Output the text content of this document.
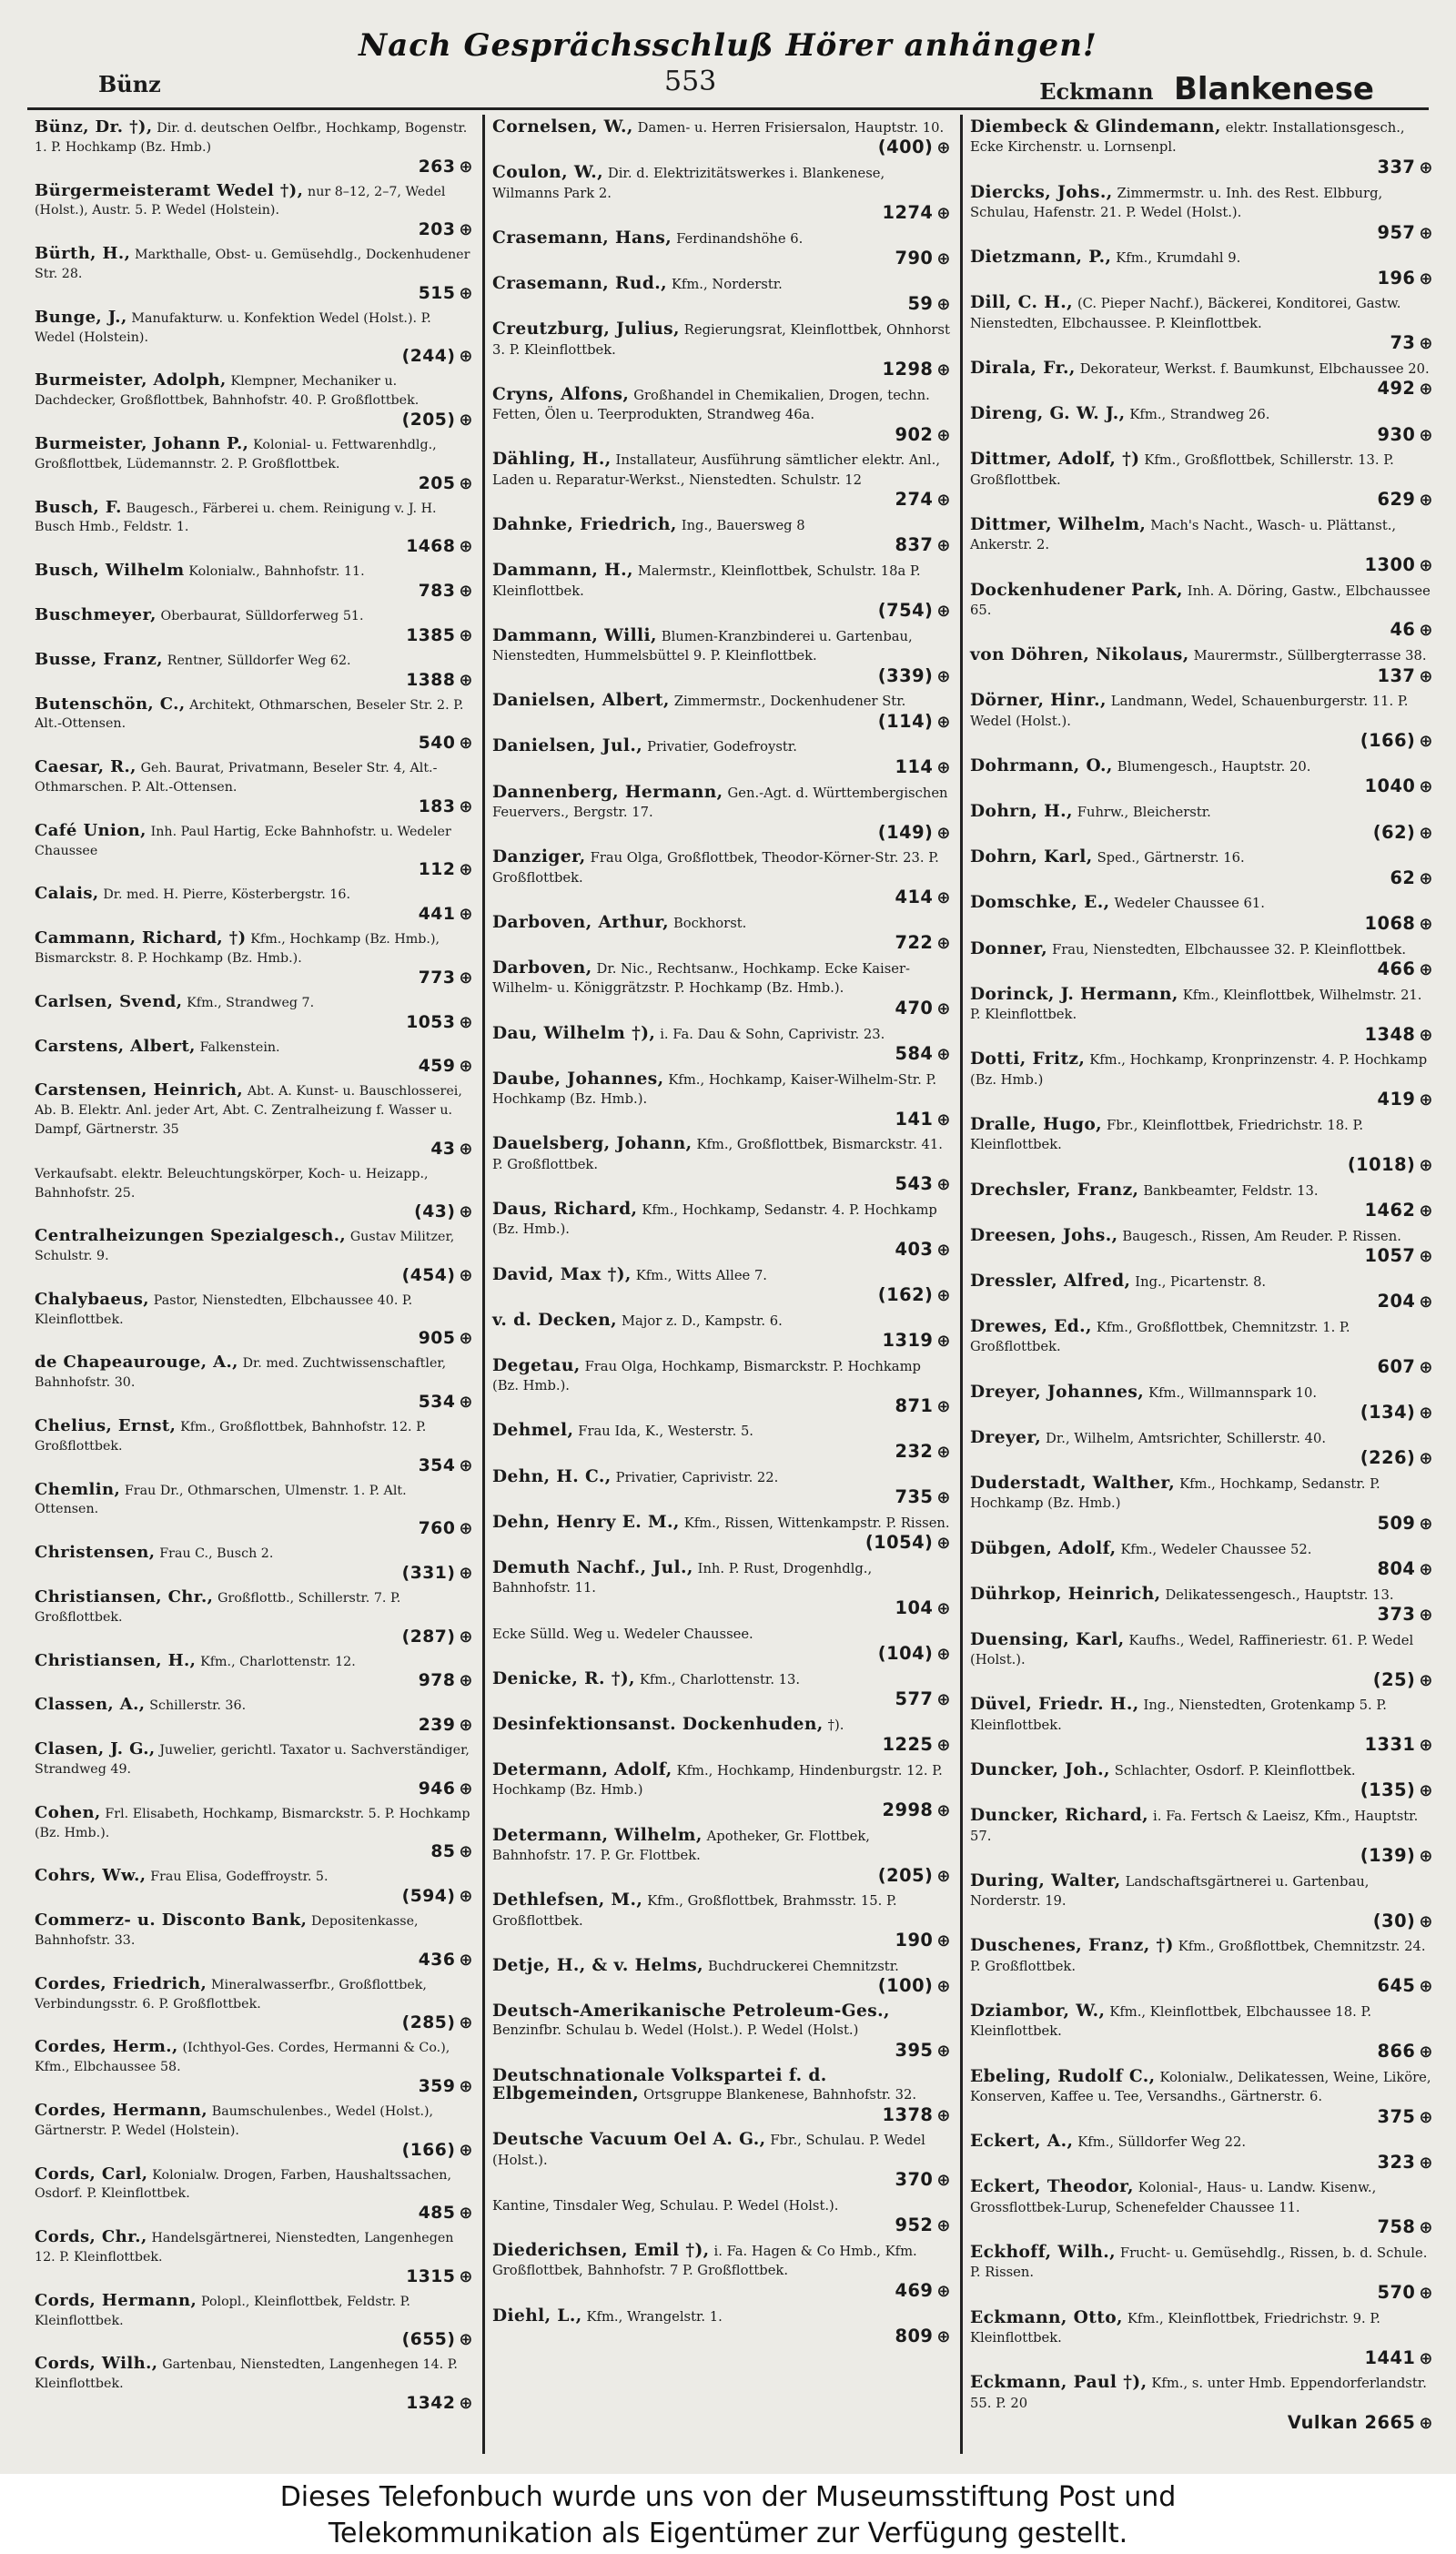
Nach Gesprächsschluß Hörer anhängen!
Bünz	553	Eckmann Blankenese
Bünz, Dr. †), Dir. d. deutschen Oelfbr., Hochkamp, Bogenstr. 1. P. Hochkamp (Bz. Hmb.)
263 ⊕
Bürgermeisteramt Wedel †), nur 8–12, 2–7, Wedel (Holst.), Austr. 5. P. Wedel (Holstein).
203 ⊕
Bürth, H., Markthalle, Obst- u. Gemüsehdlg., Dockenhudener Str. 28.
515 ⊕
Bunge, J., Manufakturw. u. Konfektion Wedel (Holst.). P. Wedel (Holstein).
(244) ⊕
Burmeister, Adolph, Klempner, Mechaniker u. Dachdecker, Großflottbek, Bahnhofstr. 40. P. Großflottbek.
(205) ⊕
Burmeister, Johann P., Kolonial- u. Fettwarenhdlg., Großflottbek, Lüdemannstr. 2. P. Großflottbek.
205 ⊕
Busch, F. Baugesch., Färberei u. chem. Reinigung v. J. H. Busch Hmb., Feldstr. 1.
1468 ⊕
Busch, Wilhelm Kolonialw., Bahnhofstr. 11.
783 ⊕
Buschmeyer, Oberbaurat, Sülldorferweg 51.
1385 ⊕
Busse, Franz, Rentner, Sülldorfer Weg 62.
1388 ⊕
Butenschön, C., Architekt, Othmarschen, Beseler Str. 2. P. Alt.-Ottensen.
540 ⊕
Caesar, R., Geh. Baurat, Privatmann, Beseler Str. 4, Alt.-Othmarschen. P. Alt.-Ottensen.
183 ⊕
Café Union, Inh. Paul Hartig, Ecke Bahnhofstr. u. Wedeler Chaussee
112 ⊕
Calais, Dr. med. H. Pierre, Kösterbergstr. 16.
441 ⊕
Cammann, Richard, †) Kfm., Hochkamp (Bz. Hmb.), Bismarckstr. 8. P. Hochkamp (Bz. Hmb.).
773 ⊕
Carlsen, Svend, Kfm., Strandweg 7.
1053 ⊕
Carstens, Albert, Falkenstein.
459 ⊕
Carstensen, Heinrich, Abt. A. Kunst- u. Bauschlosserei, Ab. B. Elektr. Anl. jeder Art, Abt. C. Zentralheizung f. Wasser u. Dampf, Gärtnerstr. 35
43 ⊕
Verkaufsabt. elektr. Beleuchtungskörper, Koch- u. Heizapp., Bahnhofstr. 25.
(43) ⊕
Centralheizungen Spezialgesch., Gustav Militzer, Schulstr. 9.
(454) ⊕
Chalybaeus, Pastor, Nienstedten, Elbchaussee 40. P. Kleinflottbek.
905 ⊕
de Chapeaurouge, A., Dr. med. Zuchtwissenschaftler, Bahnhofstr. 30.
534 ⊕
Chelius, Ernst, Kfm., Großflottbek, Bahnhofstr. 12. P. Großflottbek.
354 ⊕
Chemlin, Frau Dr., Othmarschen, Ulmenstr. 1. P. Alt. Ottensen.
760 ⊕
Christensen, Frau C., Busch 2.
(331) ⊕
Christiansen, Chr., Großflottb., Schillerstr. 7. P. Großflottbek.
(287) ⊕
Christiansen, H., Kfm., Charlottenstr. 12.
978 ⊕
Classen, A., Schillerstr. 36.
239 ⊕
Clasen, J. G., Juwelier, gerichtl. Taxator u. Sachverständiger, Strandweg 49.
946 ⊕
Cohen, Frl. Elisabeth, Hochkamp, Bismarckstr. 5. P. Hochkamp (Bz. Hmb.).
85 ⊕
Cohrs, Ww., Frau Elisa, Godeffroystr. 5.
(594) ⊕
Commerz- u. Disconto Bank, Depositenkasse, Bahnhofstr. 33.
436 ⊕
Cordes, Friedrich, Mineralwasserfbr., Großflottbek, Verbindungsstr. 6. P. Großflottbek.
(285) ⊕
Cordes, Herm., (Ichthyol-Ges. Cordes, Hermanni & Co.), Kfm., Elbchaussee 58.
359 ⊕
Cordes, Hermann, Baumschulenbes., Wedel (Holst.), Gärtnerstr. P. Wedel (Holstein).
(166) ⊕
Cords, Carl, Kolonialw. Drogen, Farben, Haushaltssachen, Osdorf. P. Kleinflottbek.
485 ⊕
Cords, Chr., Handelsgärtnerei, Nienstedten, Langenhegen 12. P. Kleinflottbek.
1315 ⊕
Cords, Hermann, Polopl., Kleinflottbek, Feldstr. P. Kleinflottbek.
(655) ⊕
Cords, Wilh., Gartenbau, Nienstedten, Langenhegen 14. P. Kleinflottbek.
1342 ⊕
Cornelsen, W., Damen- u. Herren Frisiersalon, Hauptstr. 10.
(400) ⊕
Coulon, W., Dir. d. Elektrizitätswerkes i. Blankenese, Wilmanns Park 2.
1274 ⊕
Crasemann, Hans, Ferdinandshöhe 6.
790 ⊕
Crasemann, Rud., Kfm., Norderstr.
59 ⊕
Creutzburg, Julius, Regierungsrat, Kleinflottbek, Ohnhorst 3. P. Kleinflottbek.
1298 ⊕
Cryns, Alfons, Großhandel in Chemikalien, Drogen, techn. Fetten, Ölen u. Teerprodukten, Strandweg 46a.
902 ⊕
Dähling, H., Installateur, Ausführung sämtlicher elektr. Anl., Laden u. Reparatur-Werkst., Nienstedten. Schulstr. 12
274 ⊕
Dahnke, Friedrich, Ing., Bauersweg 8
837 ⊕
Dammann, H., Malermstr., Kleinflottbek, Schulstr. 18a P. Kleinflottbek.
(754) ⊕
Dammann, Willi, Blumen-Kranzbinderei u. Gartenbau, Nienstedten, Hummelsbüttel 9. P. Kleinflottbek.
(339) ⊕
Danielsen, Albert, Zimmermstr., Dockenhudener Str.
(114) ⊕
Danielsen, Jul., Privatier, Godefroystr.
114 ⊕
Dannenberg, Hermann, Gen.-Agt. d. Württembergischen Feuervers., Bergstr. 17.
(149) ⊕
Danziger, Frau Olga, Großflottbek, Theodor-Körner-Str. 23. P. Großflottbek.
414 ⊕
Darboven, Arthur, Bockhorst.
722 ⊕
Darboven, Dr. Nic., Rechtsanw., Hochkamp. Ecke Kaiser-Wilhelm- u. Königgrätzstr. P. Hochkamp (Bz. Hmb.).
470 ⊕
Dau, Wilhelm †), i. Fa. Dau & Sohn, Caprivistr. 23.
584 ⊕
Daube, Johannes, Kfm., Hochkamp, Kaiser-Wilhelm-Str. P. Hochkamp (Bz. Hmb.).
141 ⊕
Dauelsberg, Johann, Kfm., Großflottbek, Bismarckstr. 41. P. Großflottbek.
543 ⊕
Daus, Richard, Kfm., Hochkamp, Sedanstr. 4. P. Hochkamp (Bz. Hmb.).
403 ⊕
David, Max †), Kfm., Witts Allee 7.
(162) ⊕
v. d. Decken, Major z. D., Kampstr. 6.
1319 ⊕
Degetau, Frau Olga, Hochkamp, Bismarckstr. P. Hochkamp (Bz. Hmb.).
871 ⊕
Dehmel, Frau Ida, K., Westerstr. 5.
232 ⊕
Dehn, H. C., Privatier, Caprivistr. 22.
735 ⊕
Dehn, Henry E. M., Kfm., Rissen, Wittenkampstr. P. Rissen.
(1054) ⊕
Demuth Nachf., Jul., Inh. P. Rust, Drogenhdlg., Bahnhofstr. 11.
104 ⊕
Ecke Sülld. Weg u. Wedeler Chaussee.
(104) ⊕
Denicke, R. †), Kfm., Charlottenstr. 13.
577 ⊕
Desinfektionsanst. Dockenhuden, †).
1225 ⊕
Determann, Adolf, Kfm., Hochkamp, Hindenburgstr. 12. P. Hochkamp (Bz. Hmb.)
2998 ⊕
Determann, Wilhelm, Apotheker, Gr. Flottbek, Bahnhofstr. 17. P. Gr. Flottbek.
(205) ⊕
Dethlefsen, M., Kfm., Großflottbek, Brahmsstr. 15. P. Großflottbek.
190 ⊕
Detje, H., & v. Helms, Buchdruckerei Chemnitzstr.
(100) ⊕
Deutsch-Amerikanische Petroleum-Ges., Benzinfbr. Schulau b. Wedel (Holst.). P. Wedel (Holst.)
395 ⊕
Deutschnationale Volkspartei f. d. Elbgemeinden, Ortsgruppe Blankenese, Bahnhofstr. 32.
1378 ⊕
Deutsche Vacuum Oel A. G., Fbr., Schulau. P. Wedel (Holst.).
370 ⊕
Kantine, Tinsdaler Weg, Schulau. P. Wedel (Holst.).
952 ⊕
Diederichsen, Emil †), i. Fa. Hagen & Co Hmb., Kfm. Großflottbek, Bahnhofstr. 7 P. Großflottbek.
469 ⊕
Diehl, L., Kfm., Wrangelstr. 1.
809 ⊕
Diembeck & Glindemann, elektr. Installationsgesch., Ecke Kirchenstr. u. Lornsenpl.
337 ⊕
Diercks, Johs., Zimmermstr. u. Inh. des Rest. Elbburg, Schulau, Hafenstr. 21. P. Wedel (Holst.).
957 ⊕
Dietzmann, P., Kfm., Krumdahl 9.
196 ⊕
Dill, C. H., (C. Pieper Nachf.), Bäckerei, Konditorei, Gastw. Nienstedten, Elbchaussee. P. Kleinflottbek.
73 ⊕
Dirala, Fr., Dekorateur, Werkst. f. Baumkunst, Elbchaussee 20.
492 ⊕
Direng, G. W. J., Kfm., Strandweg 26.
930 ⊕
Dittmer, Adolf, †) Kfm., Großflottbek, Schillerstr. 13. P. Großflottbek.
629 ⊕
Dittmer, Wilhelm, Mach's Nacht., Wasch- u. Plättanst., Ankerstr. 2.
1300 ⊕
Dockenhudener Park, Inh. A. Döring, Gastw., Elbchaussee 65.
46 ⊕
von Döhren, Nikolaus, Maurermstr., Süllbergterrasse 38.
137 ⊕
Dörner, Hinr., Landmann, Wedel, Schauenburgerstr. 11. P. Wedel (Holst.).
(166) ⊕
Dohrmann, O., Blumengesch., Hauptstr. 20.
1040 ⊕
Dohrn, H., Fuhrw., Bleicherstr.
(62) ⊕
Dohrn, Karl, Sped., Gärtnerstr. 16.
62 ⊕
Domschke, E., Wedeler Chaussee 61.
1068 ⊕
Donner, Frau, Nienstedten, Elbchaussee 32. P. Kleinflottbek.
466 ⊕
Dorinck, J. Hermann, Kfm., Kleinflottbek, Wilhelmstr. 21. P. Kleinflottbek.
1348 ⊕
Dotti, Fritz, Kfm., Hochkamp, Kronprinzenstr. 4. P. Hochkamp (Bz. Hmb.)
419 ⊕
Dralle, Hugo, Fbr., Kleinflottbek, Friedrichstr. 18. P. Kleinflottbek.
(1018) ⊕
Drechsler, Franz, Bankbeamter, Feldstr. 13.
1462 ⊕
Dreesen, Johs., Baugesch., Rissen, Am Reuder. P. Rissen.
1057 ⊕
Dressler, Alfred, Ing., Picartenstr. 8.
204 ⊕
Drewes, Ed., Kfm., Großflottbek, Chemnitzstr. 1. P. Großflottbek.
607 ⊕
Dreyer, Johannes, Kfm., Willmannspark 10.
(134) ⊕
Dreyer, Dr., Wilhelm, Amtsrichter, Schillerstr. 40.
(226) ⊕
Duderstadt, Walther, Kfm., Hochkamp, Sedanstr. P. Hochkamp (Bz. Hmb.)
509 ⊕
Dübgen, Adolf, Kfm., Wedeler Chaussee 52.
804 ⊕
Dührkop, Heinrich, Delikatessengesch., Hauptstr. 13.
373 ⊕
Duensing, Karl, Kaufhs., Wedel, Raffineriestr. 61. P. Wedel (Holst.).
(25) ⊕
Düvel, Friedr. H., Ing., Nienstedten, Grotenkamp 5. P. Kleinflottbek.
1331 ⊕
Duncker, Joh., Schlachter, Osdorf. P. Kleinflottbek.
(135) ⊕
Duncker, Richard, i. Fa. Fertsch & Laeisz, Kfm., Hauptstr. 57.
(139) ⊕
During, Walter, Landschaftsgärtnerei u. Gartenbau, Norderstr. 19.
(30) ⊕
Duschenes, Franz, †) Kfm., Großflottbek, Chemnitzstr. 24. P. Großflottbek.
645 ⊕
Dziambor, W., Kfm., Kleinflottbek, Elbchaussee 18. P. Kleinflottbek.
866 ⊕
Ebeling, Rudolf C., Kolonialw., Delikatessen, Weine, Liköre, Konserven, Kaffee u. Tee, Versandhs., Gärtnerstr. 6.
375 ⊕
Eckert, A., Kfm., Sülldorfer Weg 22.
323 ⊕
Eckert, Theodor, Kolonial-, Haus- u. Landw. Kisenw., Grossflottbek-Lurup, Schenefelder Chaussee 11.
758 ⊕
Eckhoff, Wilh., Frucht- u. Gemüsehdlg., Rissen, b. d. Schule. P. Rissen.
570 ⊕
Eckmann, Otto, Kfm., Kleinflottbek, Friedrichstr. 9. P. Kleinflottbek.
1441 ⊕
Eckmann, Paul †), Kfm., s. unter Hmb. Eppendorferlandstr. 55. P. 20
Vulkan 2665 ⊕
Dieses Telefonbuch wurde uns von der Museumsstiftung Post und
Telekommunikation als Eigentümer zur Verfügung gestellt.
